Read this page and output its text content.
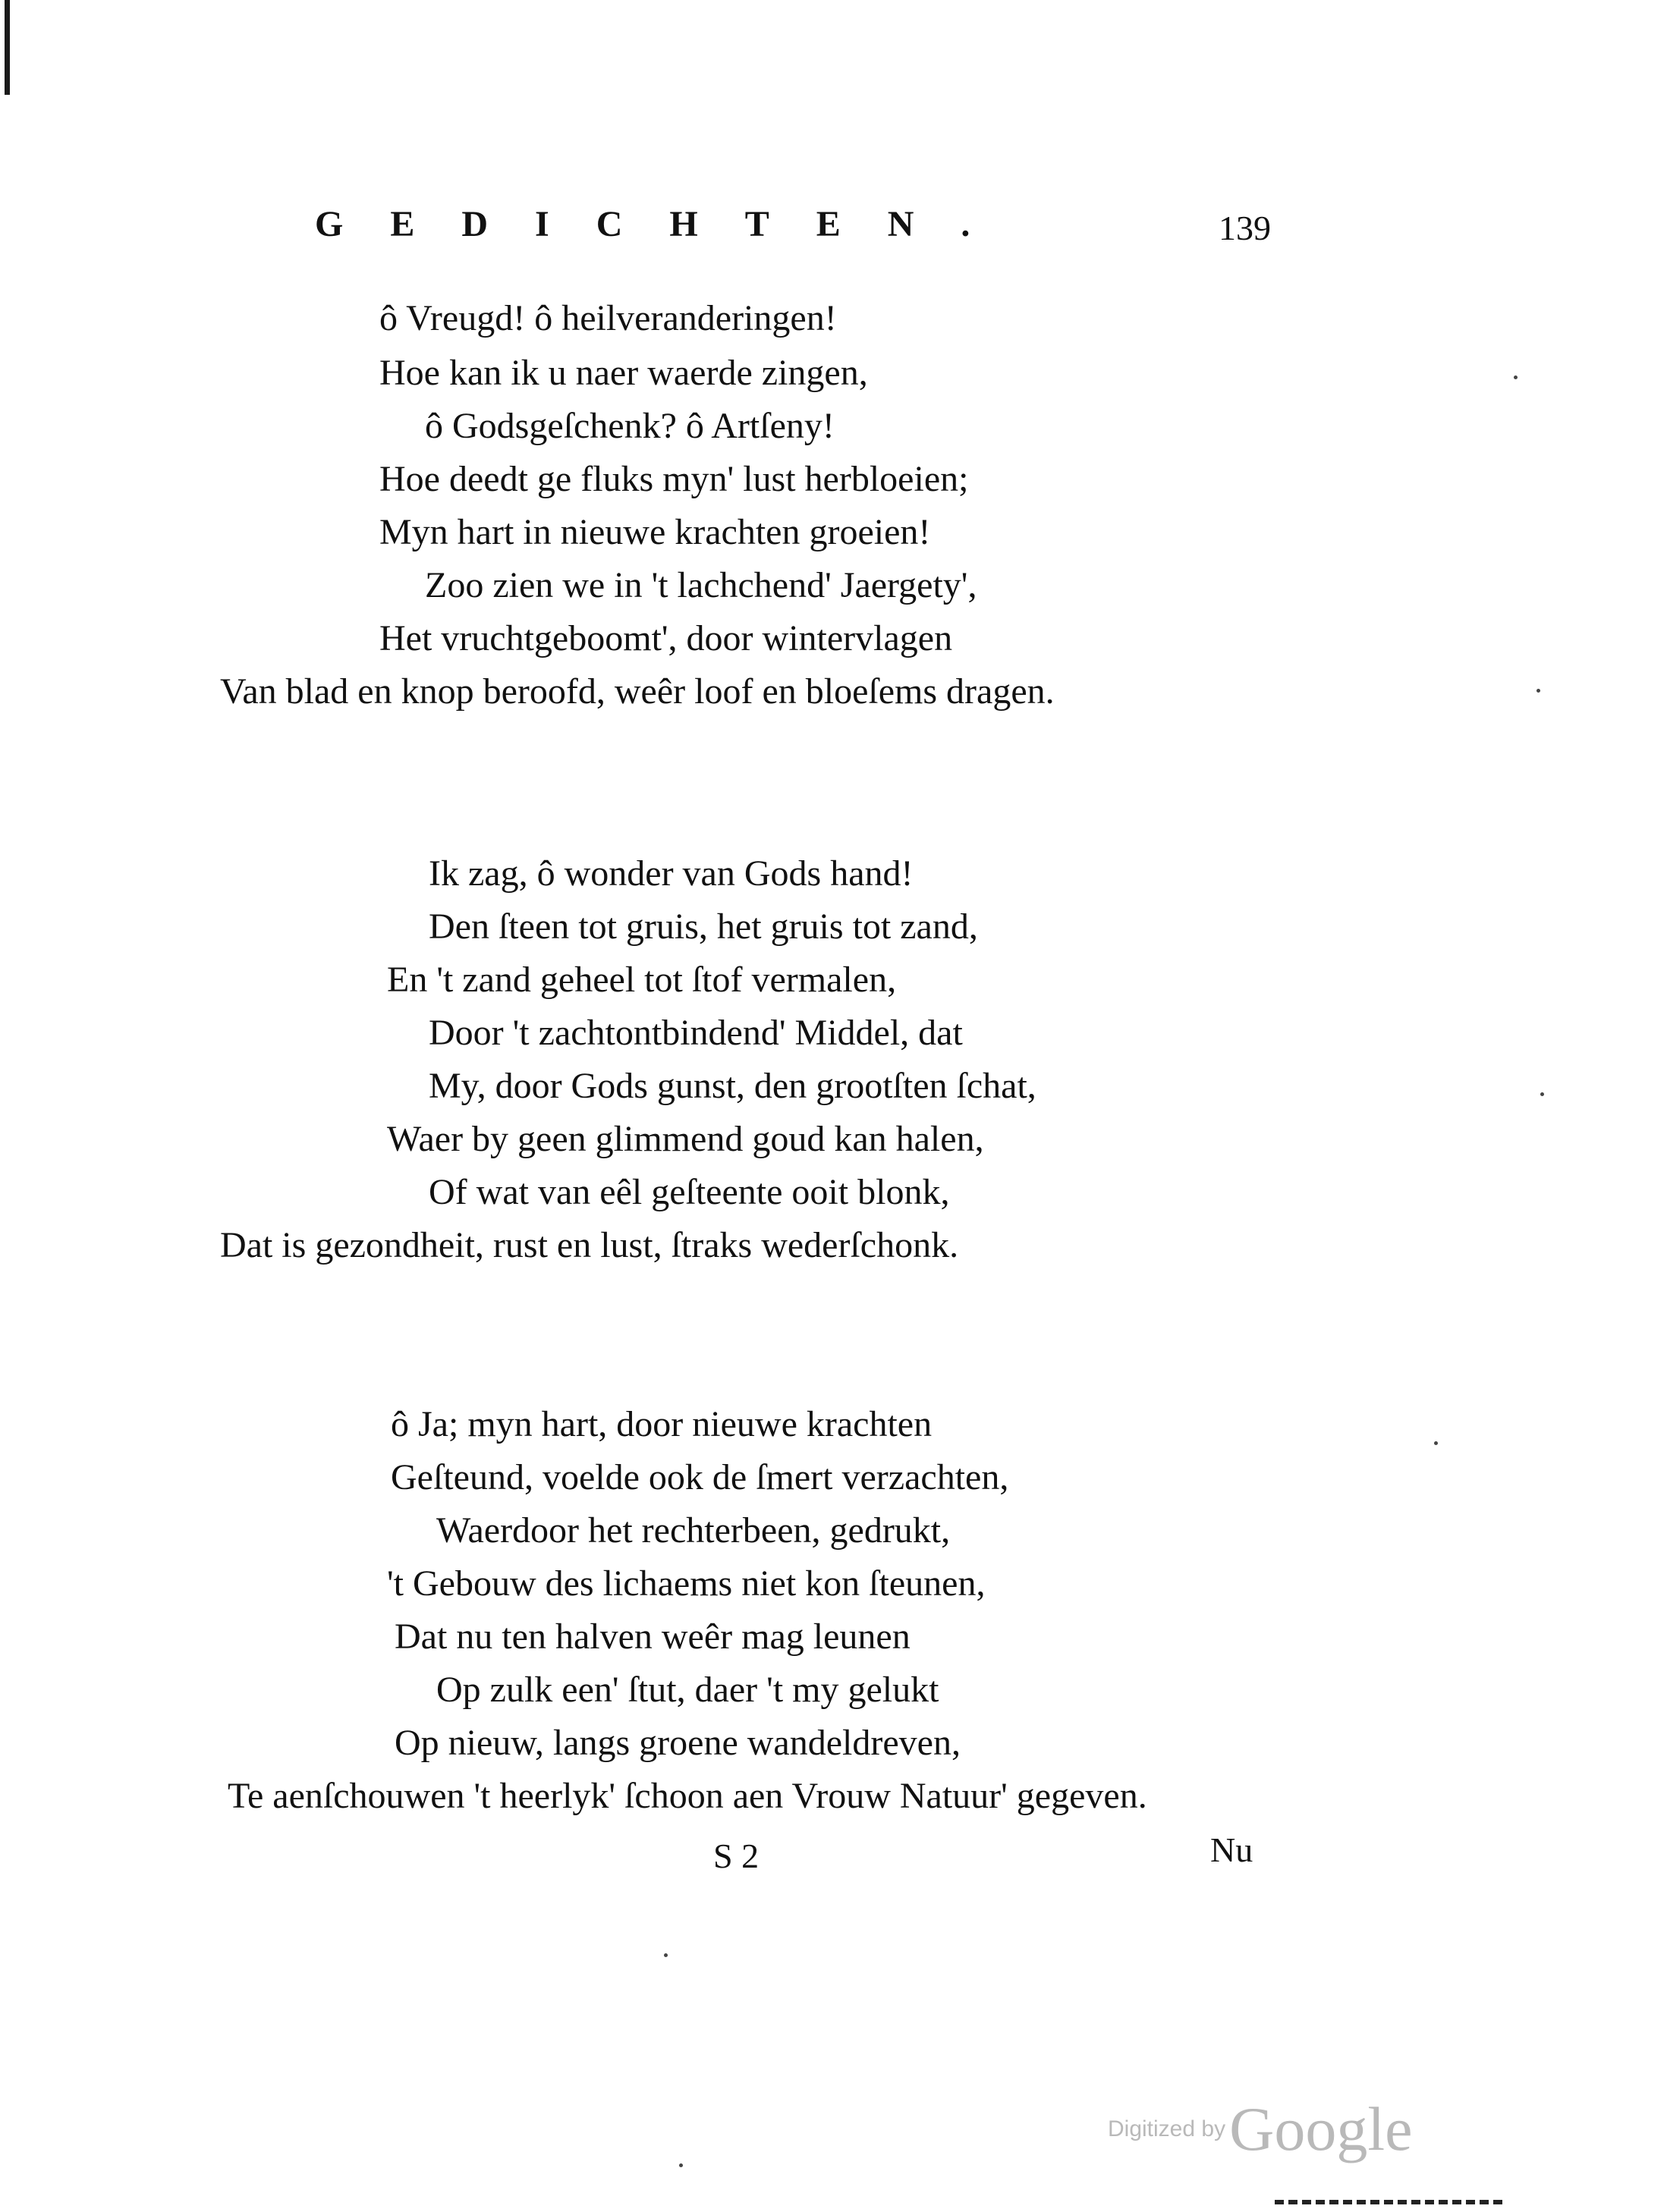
GEDICHTEN.	139
ô Vreugd! ô heilveranderingen!
Hoe kan ik u naer waerde zingen,
ô Godsgeſchenk? ô Artſeny!
Hoe deedt ge fluks myn' lust herbloeien;
Myn hart in nieuwe krachten groeien!
Zoo zien we in 't lachchend' Jaergety',
Het vruchtgeboomt', door wintervlagen
Van blad en knop beroofd, weêr loof en bloeſems dragen.
Ik zag, ô wonder van Gods hand!
Den ſteen tot gruis, het gruis tot zand,
En 't zand geheel tot ſtof vermalen,
Door 't zachtontbindend' Middel, dat
My, door Gods gunst, den grootſten ſchat,
Waer by geen glimmend goud kan halen,
Of wat van eêl geſteente ooit blonk,
Dat is gezondheit, rust en lust, ſtraks wederſchonk.
ô Ja; myn hart, door nieuwe krachten
Geſteund, voelde ook de ſmert verzachten,
Waerdoor het rechterbeen, gedrukt,
't Gebouw des lichaems niet kon ſteunen,
Dat nu ten halven weêr mag leunen
Op zulk een' ſtut, daer 't my gelukt
Op nieuw, langs groene wandeldreven,
Te aenſchouwen 't heerlyk' ſchoon aen Vrouw Natuur' gegeven.
S 2	Nu
Digitized by Google
